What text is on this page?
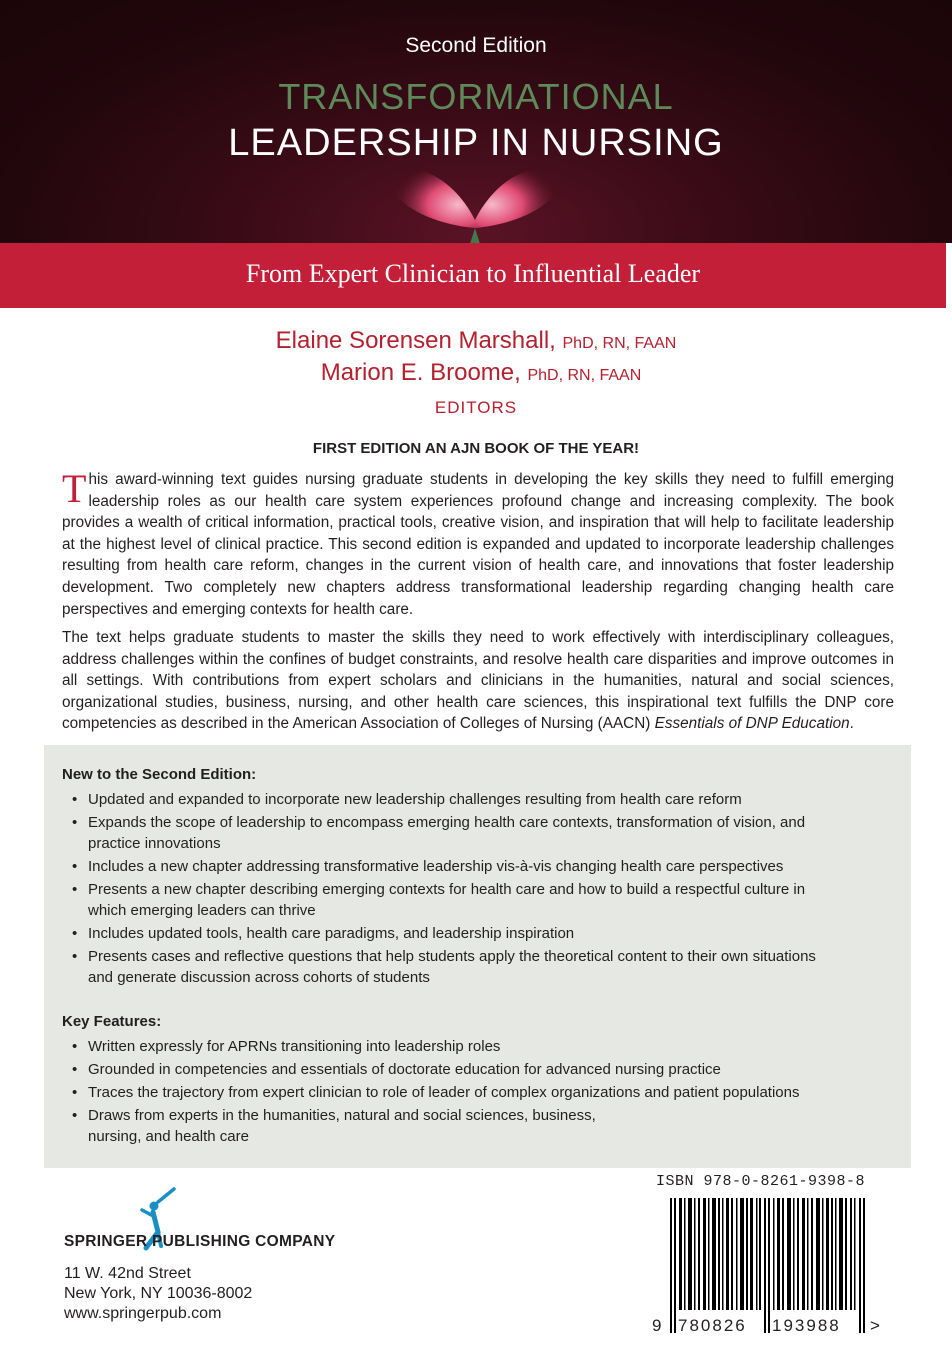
Second Edition
TRANSFORMATIONAL
LEADERSHIP IN NURSING
From Expert Clinician to Influential Leader
Elaine Sorensen Marshall, PhD, RN, FAAN
Marion E. Broome, PhD, RN, FAAN
EDITORS
FIRST EDITION AN AJN BOOK OF THE YEAR!
This award-winning text guides nursing graduate students in developing the key skills they need to fulfill emerging leadership roles as our health care system experiences profound change and increasing complexity. The book provides a wealth of critical information, practical tools, creative vision, and inspiration that will help to facilitate leadership at the highest level of clinical practice. This second edition is expanded and updated to incorporate leadership challenges resulting from health care reform, changes in the current vision of health care, and innovations that foster leadership development. Two completely new chapters address transformational leadership regarding changing health care perspectives and emerging contexts for health care.
The text helps graduate students to master the skills they need to work effectively with interdisciplinary colleagues, address challenges within the confines of budget constraints, and resolve health care disparities and improve outcomes in all settings. With contributions from expert scholars and clinicians in the humanities, natural and social sciences, organizational studies, business, nursing, and other health care sciences, this inspirational text fulfills the DNP core competencies as described in the American Association of Colleges of Nursing (AACN) Essentials of DNP Education.
New to the Second Edition:
• Updated and expanded to incorporate new leadership challenges resulting from health care reform
• Expands the scope of leadership to encompass emerging health care contexts, transformation of vision, and practice innovations
• Includes a new chapter addressing transformative leadership vis-à-vis changing health care perspectives
• Presents a new chapter describing emerging contexts for health care and how to build a respectful culture in which emerging leaders can thrive
• Includes updated tools, health care paradigms, and leadership inspiration
• Presents cases and reflective questions that help students apply the theoretical content to their own situations and generate discussion across cohorts of students
Key Features:
• Written expressly for APRNs transitioning into leadership roles
• Grounded in competencies and essentials of doctorate education for advanced nursing practice
• Traces the trajectory from expert clinician to role of leader of complex organizations and patient populations
• Draws from experts in the humanities, natural and social sciences, business, nursing, and health care
SPRINGER PUBLISHING COMPANY
11 W. 42nd Street
New York, NY 10036-8002
www.springerpub.com
ISBN 978-0-8261-9398-8
9 780826 193988 >
